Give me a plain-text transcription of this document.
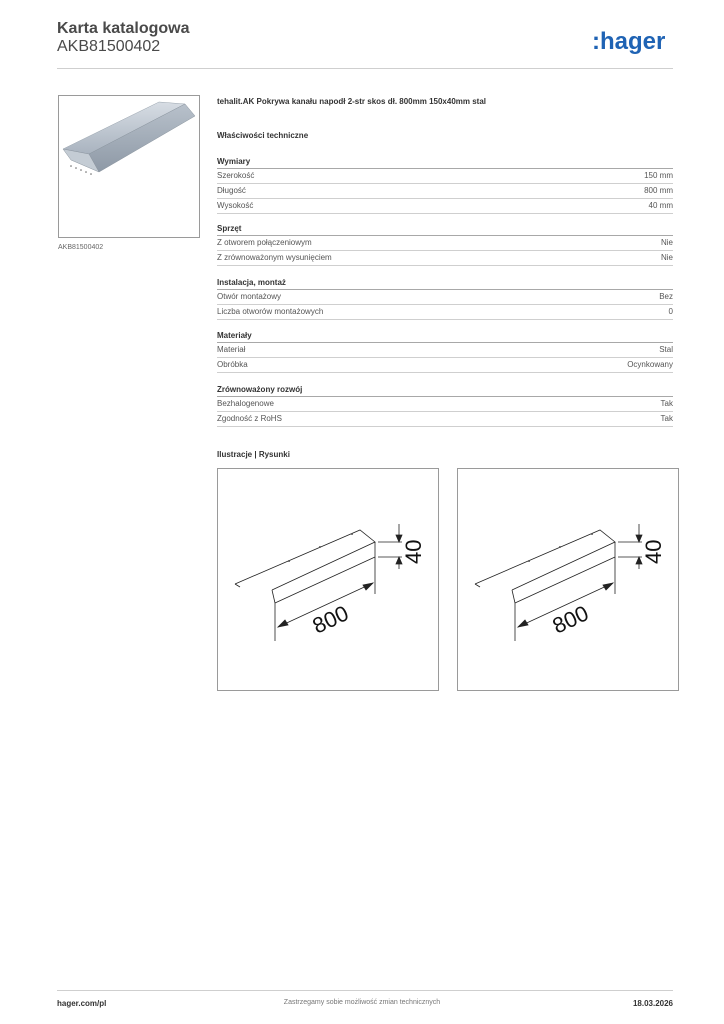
Karta katalogowa
AKB81500402	:hager
AKB81500402
tehalit.AK Pokrywa kanału napodł 2-str skos dł. 800mm 150x40mm stal
Właściwości techniczne
Wymiary
Szerokość	150 mm
Długość	800 mm
Wysokość	40 mm
Sprzęt
Z otworem połączeniowym	Nie
Z zrównoważonym wysunięciem	Nie
Instalacja, montaż
Otwór montażowy	Bez
Liczba otworów montażowych	0
Materiały
Materiał	Stal
Obróbka	Ocynkowany
Zrównoważony rozwój
Bezhalogenowe	Tak
Zgodność z RoHS	Tak
Ilustracje | Rysunki
800
40
800
40
hager.com/pl	Zastrzegamy sobie możliwość zmian technicznych	18.03.2026
